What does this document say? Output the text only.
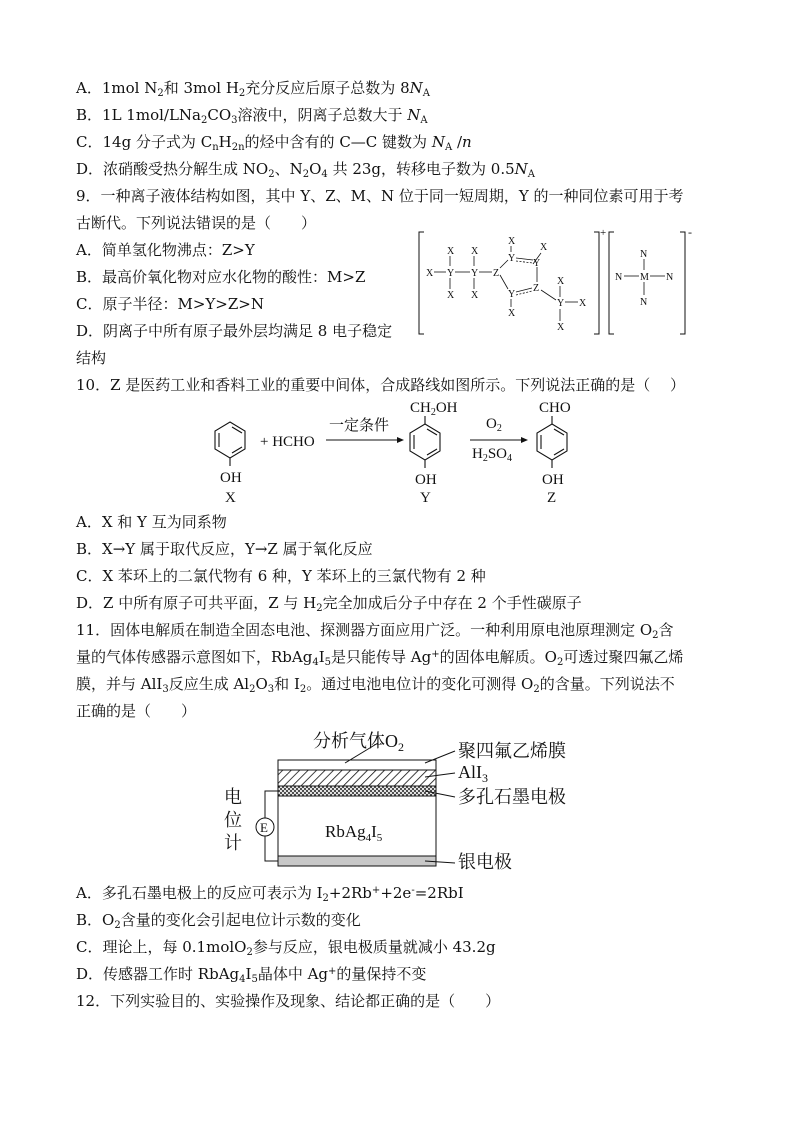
A．1mol $N_2$和 3mol $H_2$充分反应后原子总数为 $8N_A$
B．1L $1mol/LNa_2CO_3$溶液中，阴离子总数大于 $N_A$
C．14g 分子式为 $C_nH_{2n}$的烃中含有的 C—C 键数为 $N_A$ /n
D．浓硝酸受热分解生成 $NO_2$、$N_2O_4$ 共 23g，转移电子数为 $0.5N_A$
9．一种离子液体结构如图，其中 Y、Z、M、N 位于同一短周期，Y 的一种同位素可用于考
古断代。下列说法错误的是（　　）
A．简单氢化物沸点：Z>Y
B．最高价氧化物对应水化物的酸性：M>Z
C．原子半径：M>Y>Z>N
D．阴离子中所有原子最外层均满足 8 电子稳定
结构
+	-
X Y
X
X
Y
X
X
Z
Y
X
Y
X
Y
X
Z
Y
X
X
X
N
N M N
N
10．Z 是医药工业和香料工业的重要中间体，合成路线如图所示。下列说法正确的是（　 ）
OH
X
+ HCHO
一定条件
$CH_2OH$
OH
Y
$O_2$
$H_2SO_4$
CHO
OH
Z
A．X 和 Y 互为同系物
B．X→Y 属于取代反应，Y→Z 属于氧化反应
C．X 苯环上的二氯代物有 6 种，Y 苯环上的三氯代物有 2 种
D．Z 中所有原子可共平面，Z 与 $H_2$完全加成后分子中存在 2 个手性碳原子
11．固体电解质在制造全固态电池、探测器方面应用广泛。一种利用原电池原理测定 $O_2$含
量的气体传感器示意图如下，$RbAg_4I_5$是只能传导 Ag+的固体电解质。$O_2$可透过聚四氟乙烯
膜，并与 AlI$_3$反应生成 $Al_2O_3$和 $I_2$。通过电池电位计的变化可测得 $O_2$的含量。下列说法不
正确的是（　　）
分析气体$O_2$
$RbAg_4I_5$
聚四氟乙烯膜
AlI$_3$
多孔石墨电极
银电极
E
电
位
计
A．多孔石墨电极上的反应可表示为 $I_2+2Rb^++2e^-=2RbI$
B．$O_2$含量的变化会引起电位计示数的变化
C．理论上，每 0.1molO$_2$参与反应，银电极质量就减小 43.2g
D．传感器工作时 $RbAg_4I_5$晶体中 Ag+的量保持不变
12．下列实验目的、实验操作及现象、结论都正确的是（　　）
